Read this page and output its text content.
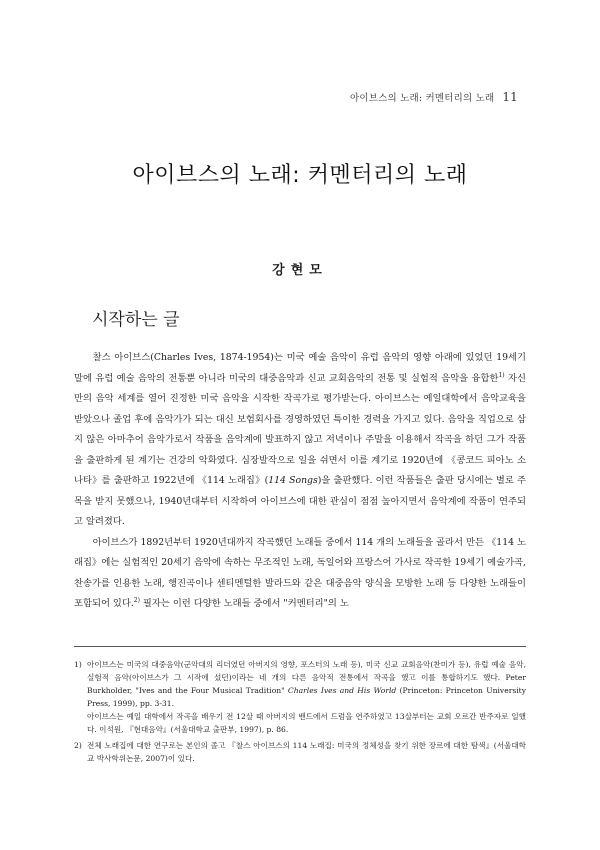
아이브스의 노래: 커멘터리의 노래 11
아이브스의 노래: 커멘터리의 노래

강현모

시작하는 글

찰스 아이브스(Charles Ives, 1874-1954)는 미국 예술 음악이 유럽 음악의 영향 아래에 있었던 19세기 말에 유럽 예술 음악의 전통뿐 아니라 미국의 대중음악과 신교 교회음악의 전통 및 실험적 음악을 융합한$^{1)}$ 자신만의 음악 세계를 열어 진정한 미국 음악을 시작한 작곡가로 평가받는다. 아이브스는 예일대학에서 음악교육을 받았으나 졸업 후에 음악가가 되는 대신 보험회사를 경영하였던 특이한 경력을 가지고 있다. 음악을 직업으로 삼지 않은 아마추어 음악가로서 작품을 음악계에 발표하지 않고 저녁이나 주말을 이용해서 작곡을 하던 그가 작품을 출판하게 된 계기는 건강의 악화였다. 심장발작으로 일을 쉬면서 이를 계기로 1920년에 《콩코드 피아노 소나타》를 출판하고 1922년에 《114 노래집》(114 Songs)을 출판했다. 이런 작품들은 출판 당시에는 별로 주목을 받지 못했으나, 1940년대부터 시작하여 아이브스에 대한 관심이 점점 높아지면서 음악계에 작품이 연주되고 알려졌다.

아이브스가 1892년부터 1920년대까지 작곡했던 노래들 중에서 114 개의 노래들을 골라서 만든 《114 노래집》에는 실험적인 20세기 음악에 속하는 무조적인 노래, 독일어와 프랑스어 가사로 작곡한 19세기 예술가곡, 찬송가를 인용한 노래, 행진곡이나 센티멘털한 발라드와 같은 대중음악 양식을 모방한 노래 등 다양한 노래들이 포함되어 있다.$^{2)}$ 필자는 이런 다양한 노래들 중에서 "커멘터리"의 노

1) 아이브스는 미국의 대중음악(군악대의 리더였던 아버지의 영향, 포스터의 노래 등), 미국 신교 교회음악(찬미가 등), 유럽 예술 음악, 실험적 음악(아이브스가 그 시작에 섰던)이라는 네 개의 다른 음악적 전통에서 작곡을 했고 이를 통합하기도 했다. Peter Burkholder, "Ives and the Four Musical Tradition" Charles Ives and His World (Princeton: Princeton University Press, 1999), pp. 3-31.
아이브스는 예일 대학에서 작곡을 배우기 전 12살 때 아버지의 밴드에서 드럼을 연주하였고 13살부터는 교회 오르간 반주자로 일했다. 이석원, 『현대음악』(서울대학교 출판부, 1997), p. 86.
2) 전체 노래집에 대한 연구로는 본인의 졸고 『찰스 아이브스의 114 노래집: 미국의 정체성을 찾기 위한 장르에 대한 탐색』(서울대학교 박사학위논문, 2007)이 있다.
